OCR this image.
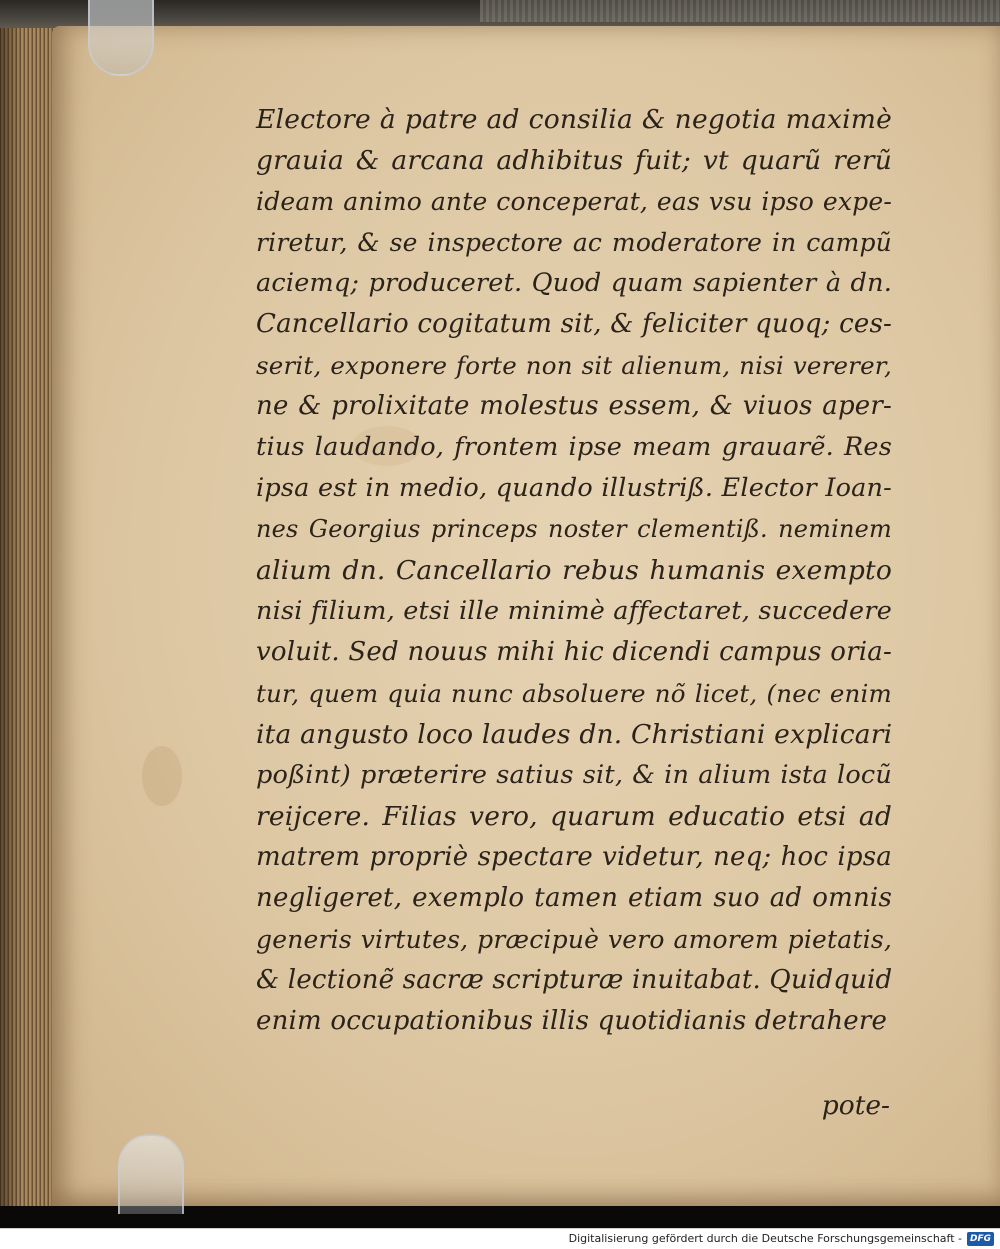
Electore à patre ad consilia & negotia maximè
grauia & arcana adhibitus fuit; vt quarũ rerũ
ideam animo ante conceperat, eas vsu ipso expe-
riretur, & se inspectore ac moderatore in campũ
aciemq; produceret. Quod quam sapienter à dn.
Cancellario cogitatum sit, & feliciter quoq; ces-
serit, exponere forte non sit alienum, nisi vererer,
ne & prolixitate molestus essem, & viuos aper-
tius laudando, frontem ipse meam grauarẽ. Res
ipsa est in medio, quando illustriß. Elector Ioan-
nes Georgius princeps noster clementiß. neminem
alium dn. Cancellario rebus humanis exempto
nisi filium, etsi ille minimè affectaret, succedere
voluit. Sed nouus mihi hic dicendi campus oria-
tur, quem quia nunc absoluere nõ licet, (nec enim
ita angusto loco laudes dn. Christiani explicari
poßint) præterire satius sit, & in alium ista locũ
reijcere. Filias vero, quarum educatio etsi ad
matrem propriè spectare videtur, neq; hoc ipsa
negligeret, exemplo tamen etiam suo ad omnis
generis virtutes, præcipuè vero amorem pietatis,
& lectionẽ sacræ scripturæ inuitabat. Quidquid
enim occupationibus illis quotidianis detrahere
pote-
Digitalisierung gefördert durch die Deutsche Forschungsgemeinschaft - DFG
